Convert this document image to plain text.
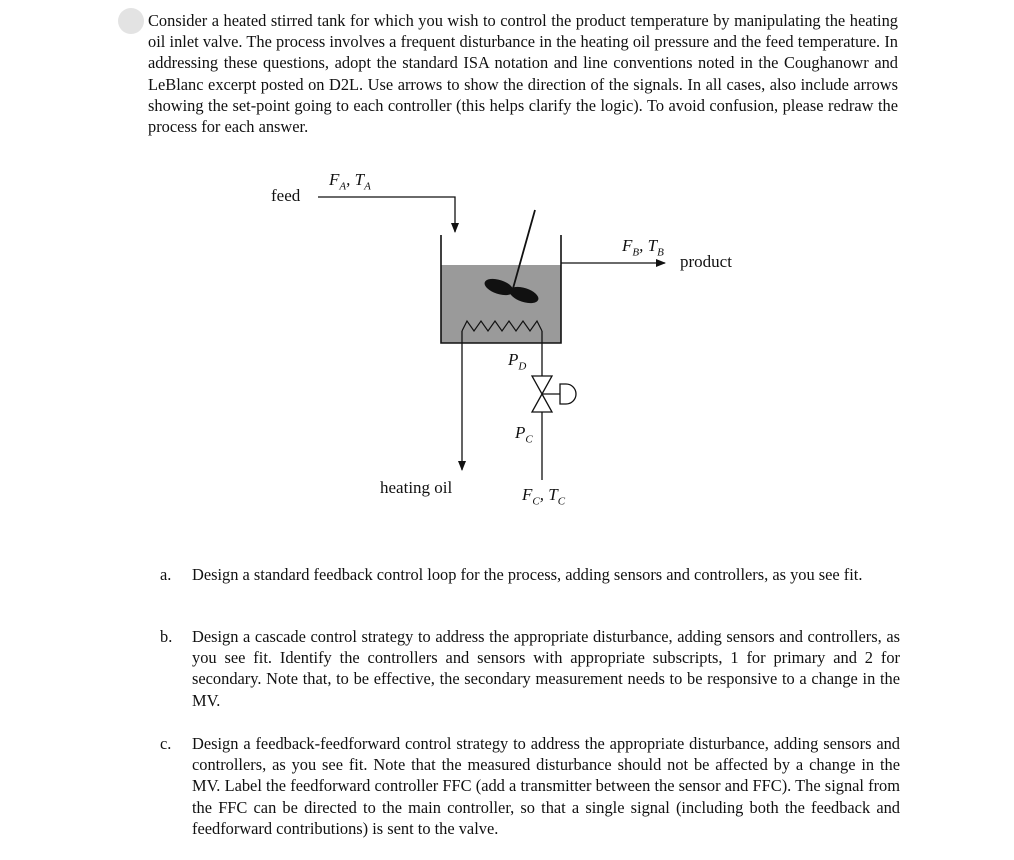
Consider a heated stirred tank for which you wish to control the product temperature by manipulating the heating oil inlet valve. The process involves a frequent disturbance in the heating oil pressure and the feed temperature. In addressing these questions, adopt the standard ISA notation and line conventions noted in the Coughanowr and LeBlanc excerpt posted on D2L. Use arrows to show the direction of the signals. In all cases, also include arrows showing the set-point going to each controller (this helps clarify the logic). To avoid confusion, please redraw the process for each answer.

feed
$F_A$, $T_A$
$F_B$, $T_B$ product
$P_D$
$P_C$
heating oil	$F_C$, $T_C$
a. Design a standard feedback control loop for the process, adding sensors and controllers, as you see fit.
b. Design a cascade control strategy to address the appropriate disturbance, adding sensors and controllers, as you see fit. Identify the controllers and sensors with appropriate subscripts, 1 for primary and 2 for secondary. Note that, to be effective, the secondary measurement needs to be responsive to a change in the MV.
c. Design a feedback-feedforward control strategy to address the appropriate disturbance, adding sensors and controllers, as you see fit. Note that the measured disturbance should not be affected by a change in the MV. Label the feedforward controller FFC (add a transmitter between the sensor and FFC). The signal from the FFC can be directed to the main controller, so that a single signal (including both the feedback and feedforward contributions) is sent to the valve.
